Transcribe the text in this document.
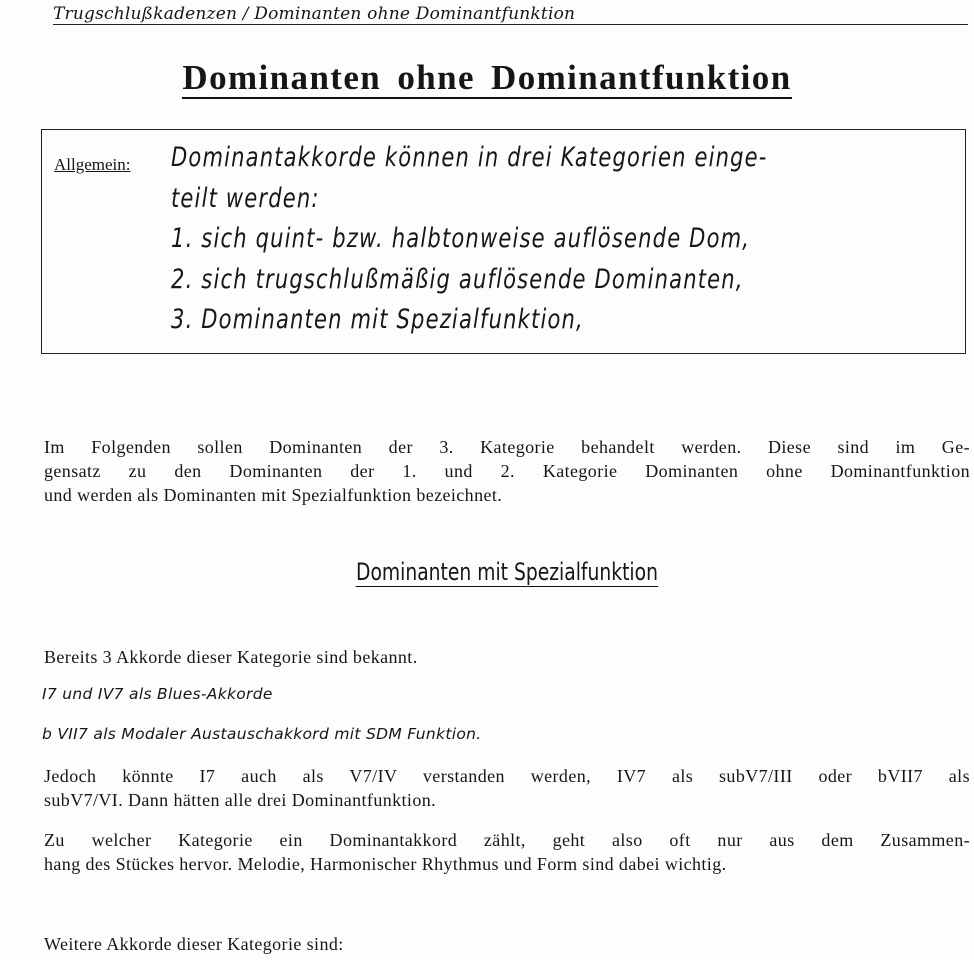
Trugschlußkadenzen / Dominanten ohne Dominantfunktion
Dominanten ohne Dominantfunktion
Allgemein: Dominantakkorde können in drei Kategorien einge-
teilt werden:
1. sich quint- bzw. halbtonweise auflösende Dom,
2. sich trugschlußmäßig auflösende Dominanten,
3. Dominanten mit Spezialfunktion,
Im Folgenden sollen Dominanten der 3. Kategorie behandelt werden. Diese sind im Ge-
gensatz zu den Dominanten der 1. und 2. Kategorie Dominanten ohne Dominantfunktion
und werden als Dominanten mit Spezialfunktion bezeichnet.
Dominanten mit Spezialfunktion
Bereits 3 Akkorde dieser Kategorie sind bekannt.
I7 und IV7 als Blues-Akkorde
b VII7 als Modaler Austauschakkord mit SDM Funktion.
Jedoch könnte I7 auch als V7/IV verstanden werden, IV7 als subV7/III oder bVII7 als
subV7/VI. Dann hätten alle drei Dominantfunktion.
Zu welcher Kategorie ein Dominantakkord zählt, geht also oft nur aus dem Zusammen-
hang des Stückes hervor. Melodie, Harmonischer Rhythmus und Form sind dabei wichtig.
Weitere Akkorde dieser Kategorie sind:
